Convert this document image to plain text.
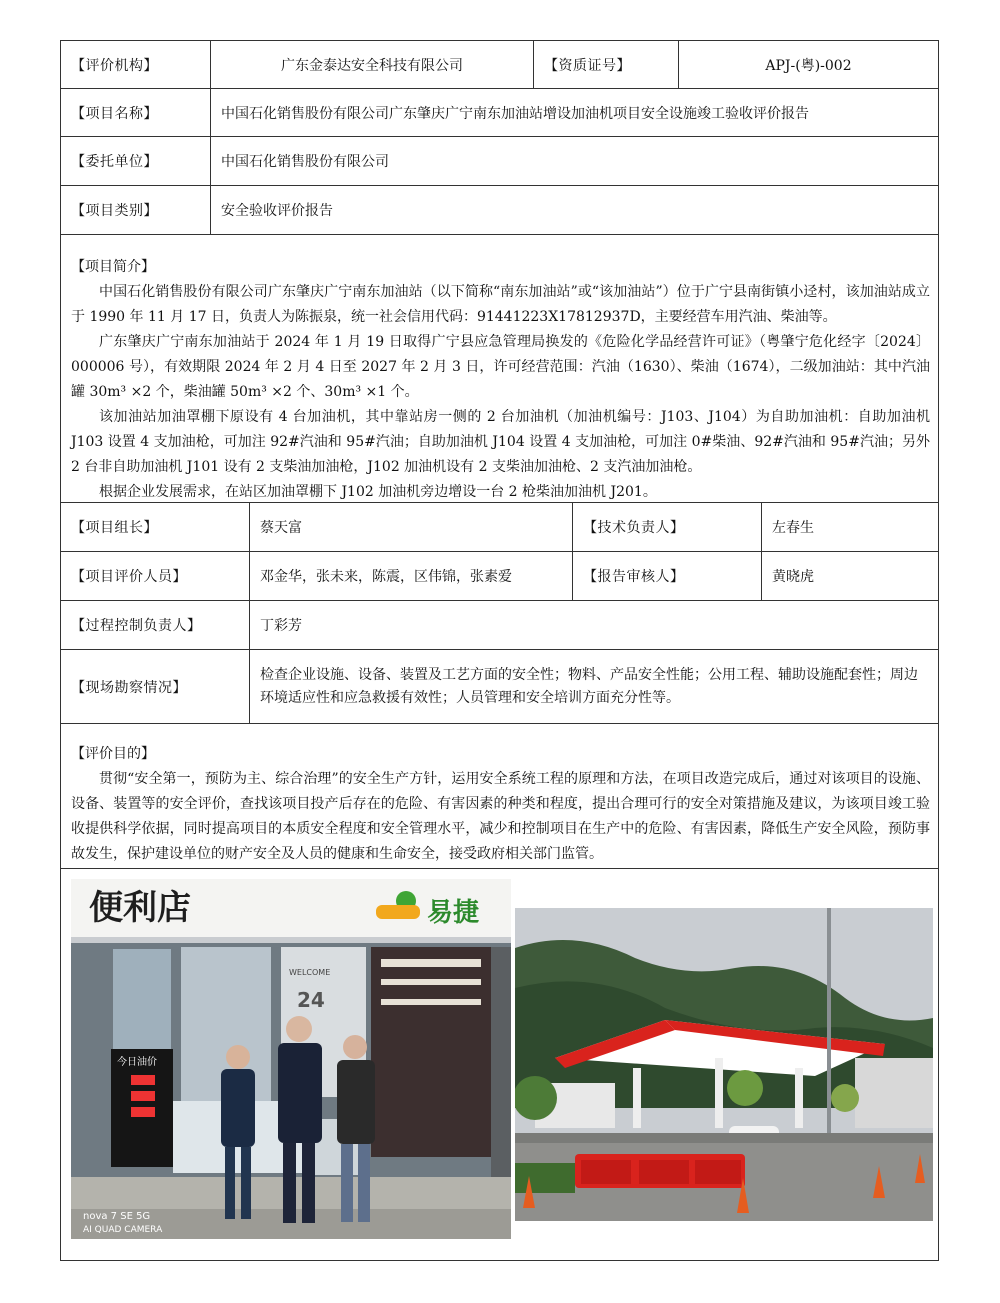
【评价机构】	广东金泰达安全科技有限公司	【资质证号】	APJ-(粤)-002
【项目名称】	中国石化销售股份有限公司广东肇庆广宁南东加油站增设加油机项目安全设施竣工验收评价报告
【委托单位】	中国石化销售股份有限公司
【项目类别】	安全验收评价报告
【项目简介】

中国石化销售股份有限公司广东肇庆广宁南东加油站（以下简称“南东加油站”或“该加油站”）位于广宁县南街镇小迳村，该加油站成立于 1990 年 11 月 17 日，负责人为陈振泉，统一社会信用代码：91441223X17812937D，主要经营车用汽油、柴油等。

广东肇庆广宁南东加油站于 2024 年 1 月 19 日取得广宁县应急管理局换发的《危险化学品经营许可证》（粤肇宁危化经字〔2024〕000006 号），有效期限 2024 年 2 月 4 日至 2027 年 2 月 3 日，许可经营范围：汽油（1630）、柴油（1674），二级加油站：其中汽油罐 30m³ ×2 个，柴油罐 50m³ ×2 个、30m³ ×1 个。

该加油站加油罩棚下原设有 4 台加油机，其中靠站房一侧的 2 台加油机（加油机编号：J103、J104）为自助加油机：自助加油机 J103 设置 4 支加油枪，可加注 92#汽油和 95#汽油；自助加油机 J104 设置 4 支加油枪，可加注 0#柴油、92#汽油和 95#汽油；另外 2 台非自助加油机 J101 设有 2 支柴油加油枪，J102 加油机设有 2 支柴油加油枪、2 支汽油加油枪。

根据企业发展需求，在站区加油罩棚下 J102 加油机旁边增设一台 2 枪柴油加油机 J201。

【项目组长】	蔡天富	【技术负责人】	左春生
【项目评价人员】	邓金华，张未来，陈震，区伟锦，张素爱	【报告审核人】	黄晓虎
【过程控制负责人】	丁彩芳
【现场勘察情况】
检查企业设施、设备、装置及工艺方面的安全性；物料、产品安全性能；公用工程、辅助设施配套性；周边环境适应性和应急救援有效性；人员管理和安全培训方面充分性等。
【评价目的】

贯彻“安全第一，预防为主、综合治理”的安全生产方针，运用安全系统工程的原理和方法，在项目改造完成后，通过对该项目的设施、设备、装置等的安全评价，查找该项目投产后存在的危险、有害因素的种类和程度，提出合理可行的安全对策措施及建议，为该项目竣工验收提供科学依据，同时提高项目的本质安全程度和安全管理水平，减少和控制项目在生产中的危险、有害因素，降低生产安全风险，预防事故发生，保护建设单位的财产安全及人员的健康和生命安全，接受政府相关部门监管。

便利店	易捷
WELCOME
24
今日油价
nova 7 SE 5G
AI QUAD CAMERA
中国石化
